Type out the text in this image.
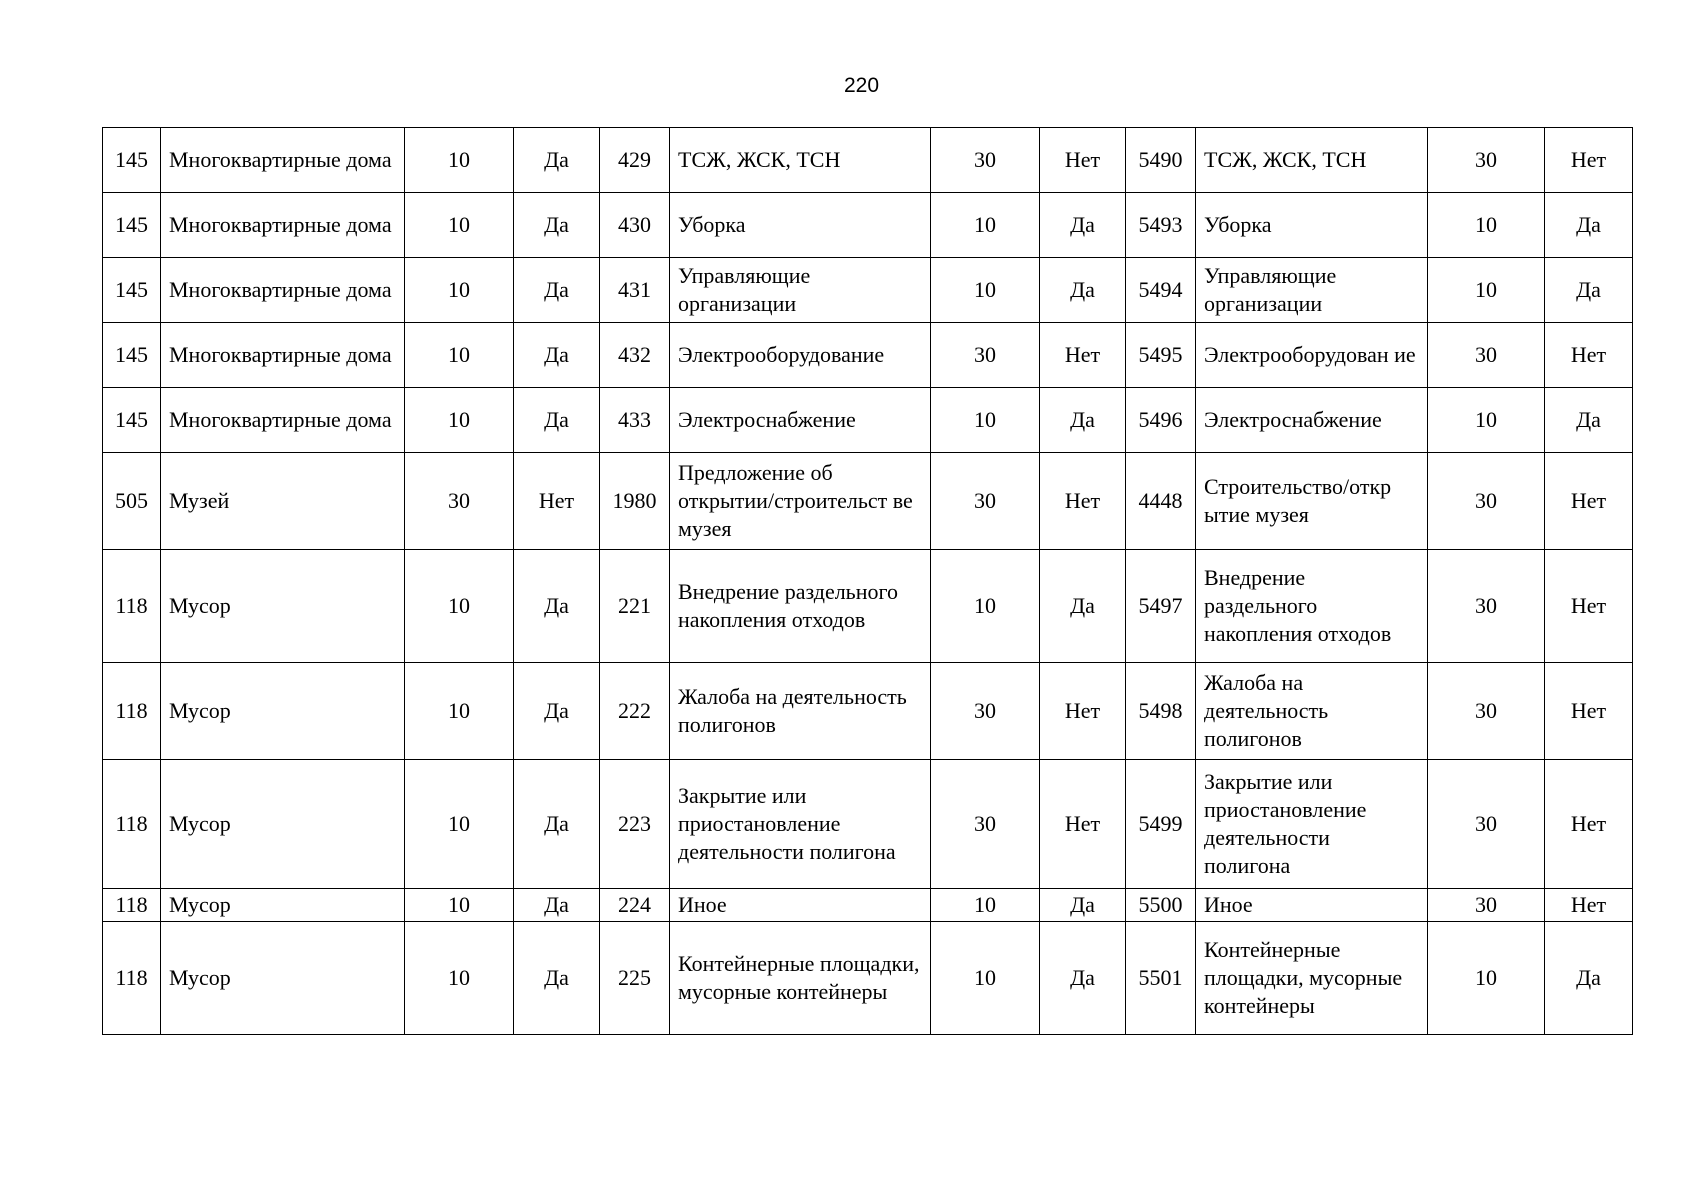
220
145	Многоквартирные дома	10	Да	429	ТСЖ, ЖСК, ТСН	30	Нет	5490	ТСЖ, ЖСК, ТСН	30	Нет
145	Многоквартирные дома	10	Да	430	Уборка	10	Да	5493	Уборка	10	Да
145	Многоквартирные дома	10	Да	431	Управляющие организации	10	Да	5494	Управляющие организации	10	Да
145	Многоквартирные дома	10	Да	432	Электрооборудование	30	Нет	5495	Электрооборудован ие	30	Нет
145	Многоквартирные дома	10	Да	433	Электроснабжение	10	Да	5496	Электроснабжение	10	Да
505	Музей	30	Нет	1980	Предложение об открытии/строительст ве музея	30	Нет	4448	Строительство/откр ытие музея	30	Нет
118	Мусор	10	Да	221	Внедрение раздельного накопления отходов	10	Да	5497	Внедрение раздельного накопления отходов	30	Нет
118	Мусор	10	Да	222	Жалоба на деятельность полигонов	30	Нет	5498	Жалоба на деятельность полигонов	30	Нет
118	Мусор	10	Да	223	Закрытие или приостановление деятельности полигона	30	Нет	5499	Закрытие или приостановление деятельности полигона	30	Нет
118	Мусор	10	Да	224	Иное	10	Да	5500	Иное	30	Нет
118	Мусор	10	Да	225	Контейнерные площадки, мусорные контейнеры	10	Да	5501	Контейнерные площадки, мусорные контейнеры	10	Да
